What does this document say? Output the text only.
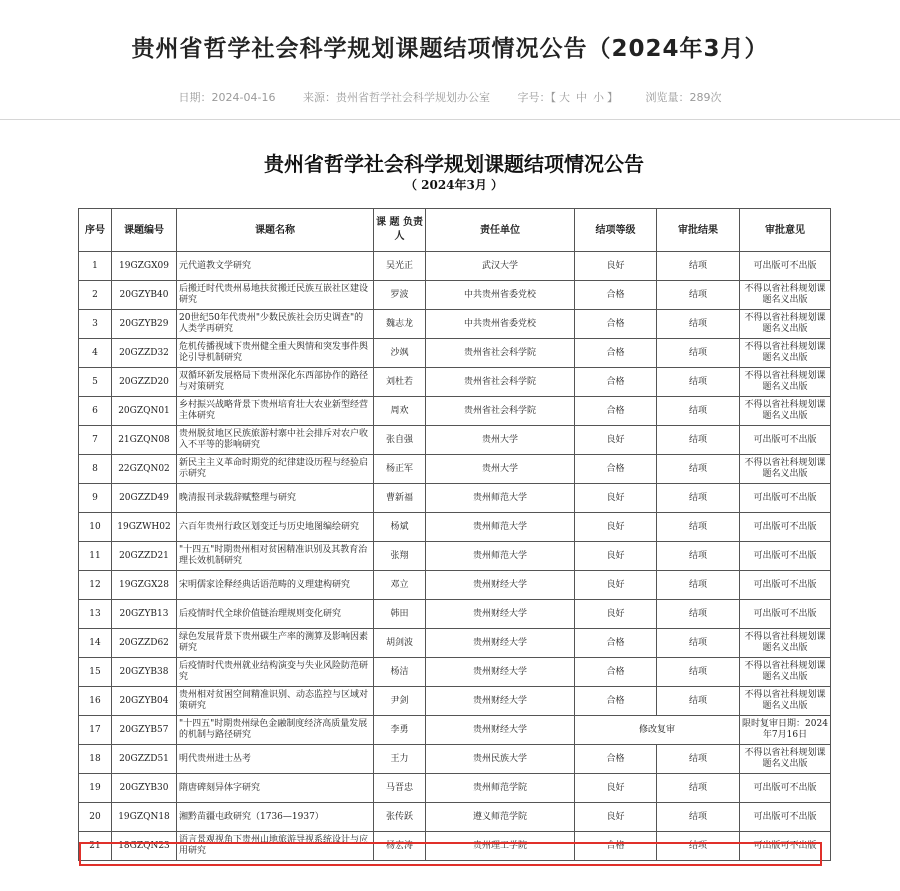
贵州省哲学社会科学规划课题结项情况公告（2024年3月）
日期：2024-04-16	来源：贵州省哲学社会科学规划办公室	字号：【 大 中 小 】	浏览量：289次
贵州省哲学社会科学规划课题结项情况公告
（ 2024年3月 ）
序号	课题编号	课题名称	课 题 负责人	责任单位	结项等级	审批结果	审批意见
1	19GZGX09	元代道教文学研究	吴光正	武汉大学	良好	结项	可出版可不出版
2	20GZYB40	后搬迁时代贵州易地扶贫搬迁民族互嵌社区建设研究	罗波	中共贵州省委党校	合格	结项	不得以省社科规划课题名义出版
3	20GZYB29	20世纪50年代贵州"少数民族社会历史调查"的人类学再研究	魏志龙	中共贵州省委党校	合格	结项	不得以省社科规划课题名义出版
4	20GZZD32	危机传播视域下贵州健全重大舆情和突发事件舆论引导机制研究	沙飒	贵州省社会科学院	合格	结项	不得以省社科规划课题名义出版
5	20GZZD20	双循环新发展格局下贵州深化东西部协作的路径与对策研究	刘杜若	贵州省社会科学院	合格	结项	不得以省社科规划课题名义出版
6	20GZQN01	乡村振兴战略背景下贵州培育壮大农业新型经营主体研究	周欢	贵州省社会科学院	合格	结项	不得以省社科规划课题名义出版
7	21GZQN08	贵州脱贫地区民族旅游村寨中社会排斥对农户收入不平等的影响研究	张自强	贵州大学	良好	结项	可出版可不出版
8	22GZQN02	新民主主义革命时期党的纪律建设历程与经验启示研究	杨正军	贵州大学	合格	结项	不得以省社科规划课题名义出版
9	20GZZD49	晚清报刊录载辞赋整理与研究	曹新福	贵州师范大学	良好	结项	可出版可不出版
10	19GZWH02	六百年贵州行政区划变迁与历史地图编绘研究	杨斌	贵州师范大学	良好	结项	可出版可不出版
11	20GZZD21	"十四五"时期贵州相对贫困精准识别及其教育治理长效机制研究	张翔	贵州师范大学	良好	结项	可出版可不出版
12	19GZGX28	宋明儒家诠释经典话语范畴的义理建构研究	邓立	贵州财经大学	良好	结项	可出版可不出版
13	20GZYB13	后疫情时代全球价值链治理规则变化研究	韩田	贵州财经大学	良好	结项	可出版可不出版
14	20GZZD62	绿色发展背景下贵州碳生产率的测算及影响因素研究	胡剑波	贵州财经大学	合格	结项	不得以省社科规划课题名义出版
15	20GZYB38	后疫情时代贵州就业结构演变与失业风险防范研究	杨洁	贵州财经大学	合格	结项	不得以省社科规划课题名义出版
16	20GZYB04	贵州相对贫困空间精准识别、动态监控与区域对策研究	尹剑	贵州财经大学	合格	结项	不得以省社科规划课题名义出版
17	20GZYB57	"十四五"时期贵州绿色金融制度经济高质量发展的机制与路径研究	李勇	贵州财经大学	修改复审		限时复审日期：2024年7月16日
18	20GZZD51	明代贵州进士丛考	王力	贵州民族大学	合格	结项	不得以省社科规划课题名义出版
19	20GZYB30	隋唐碑刻异体字研究	马晋忠	贵州师范学院	良好	结项	可出版可不出版
20	19GZQN18	湘黔苗疆屯政研究（1736—1937）	张传跃	遵义师范学院	良好	结项	可出版可不出版
21	18GZQN23	语言景观视角下贵州山地旅游导视系统设计与应用研究	杨宏涛	贵州理工学院	合格	结项	可出版可不出版
